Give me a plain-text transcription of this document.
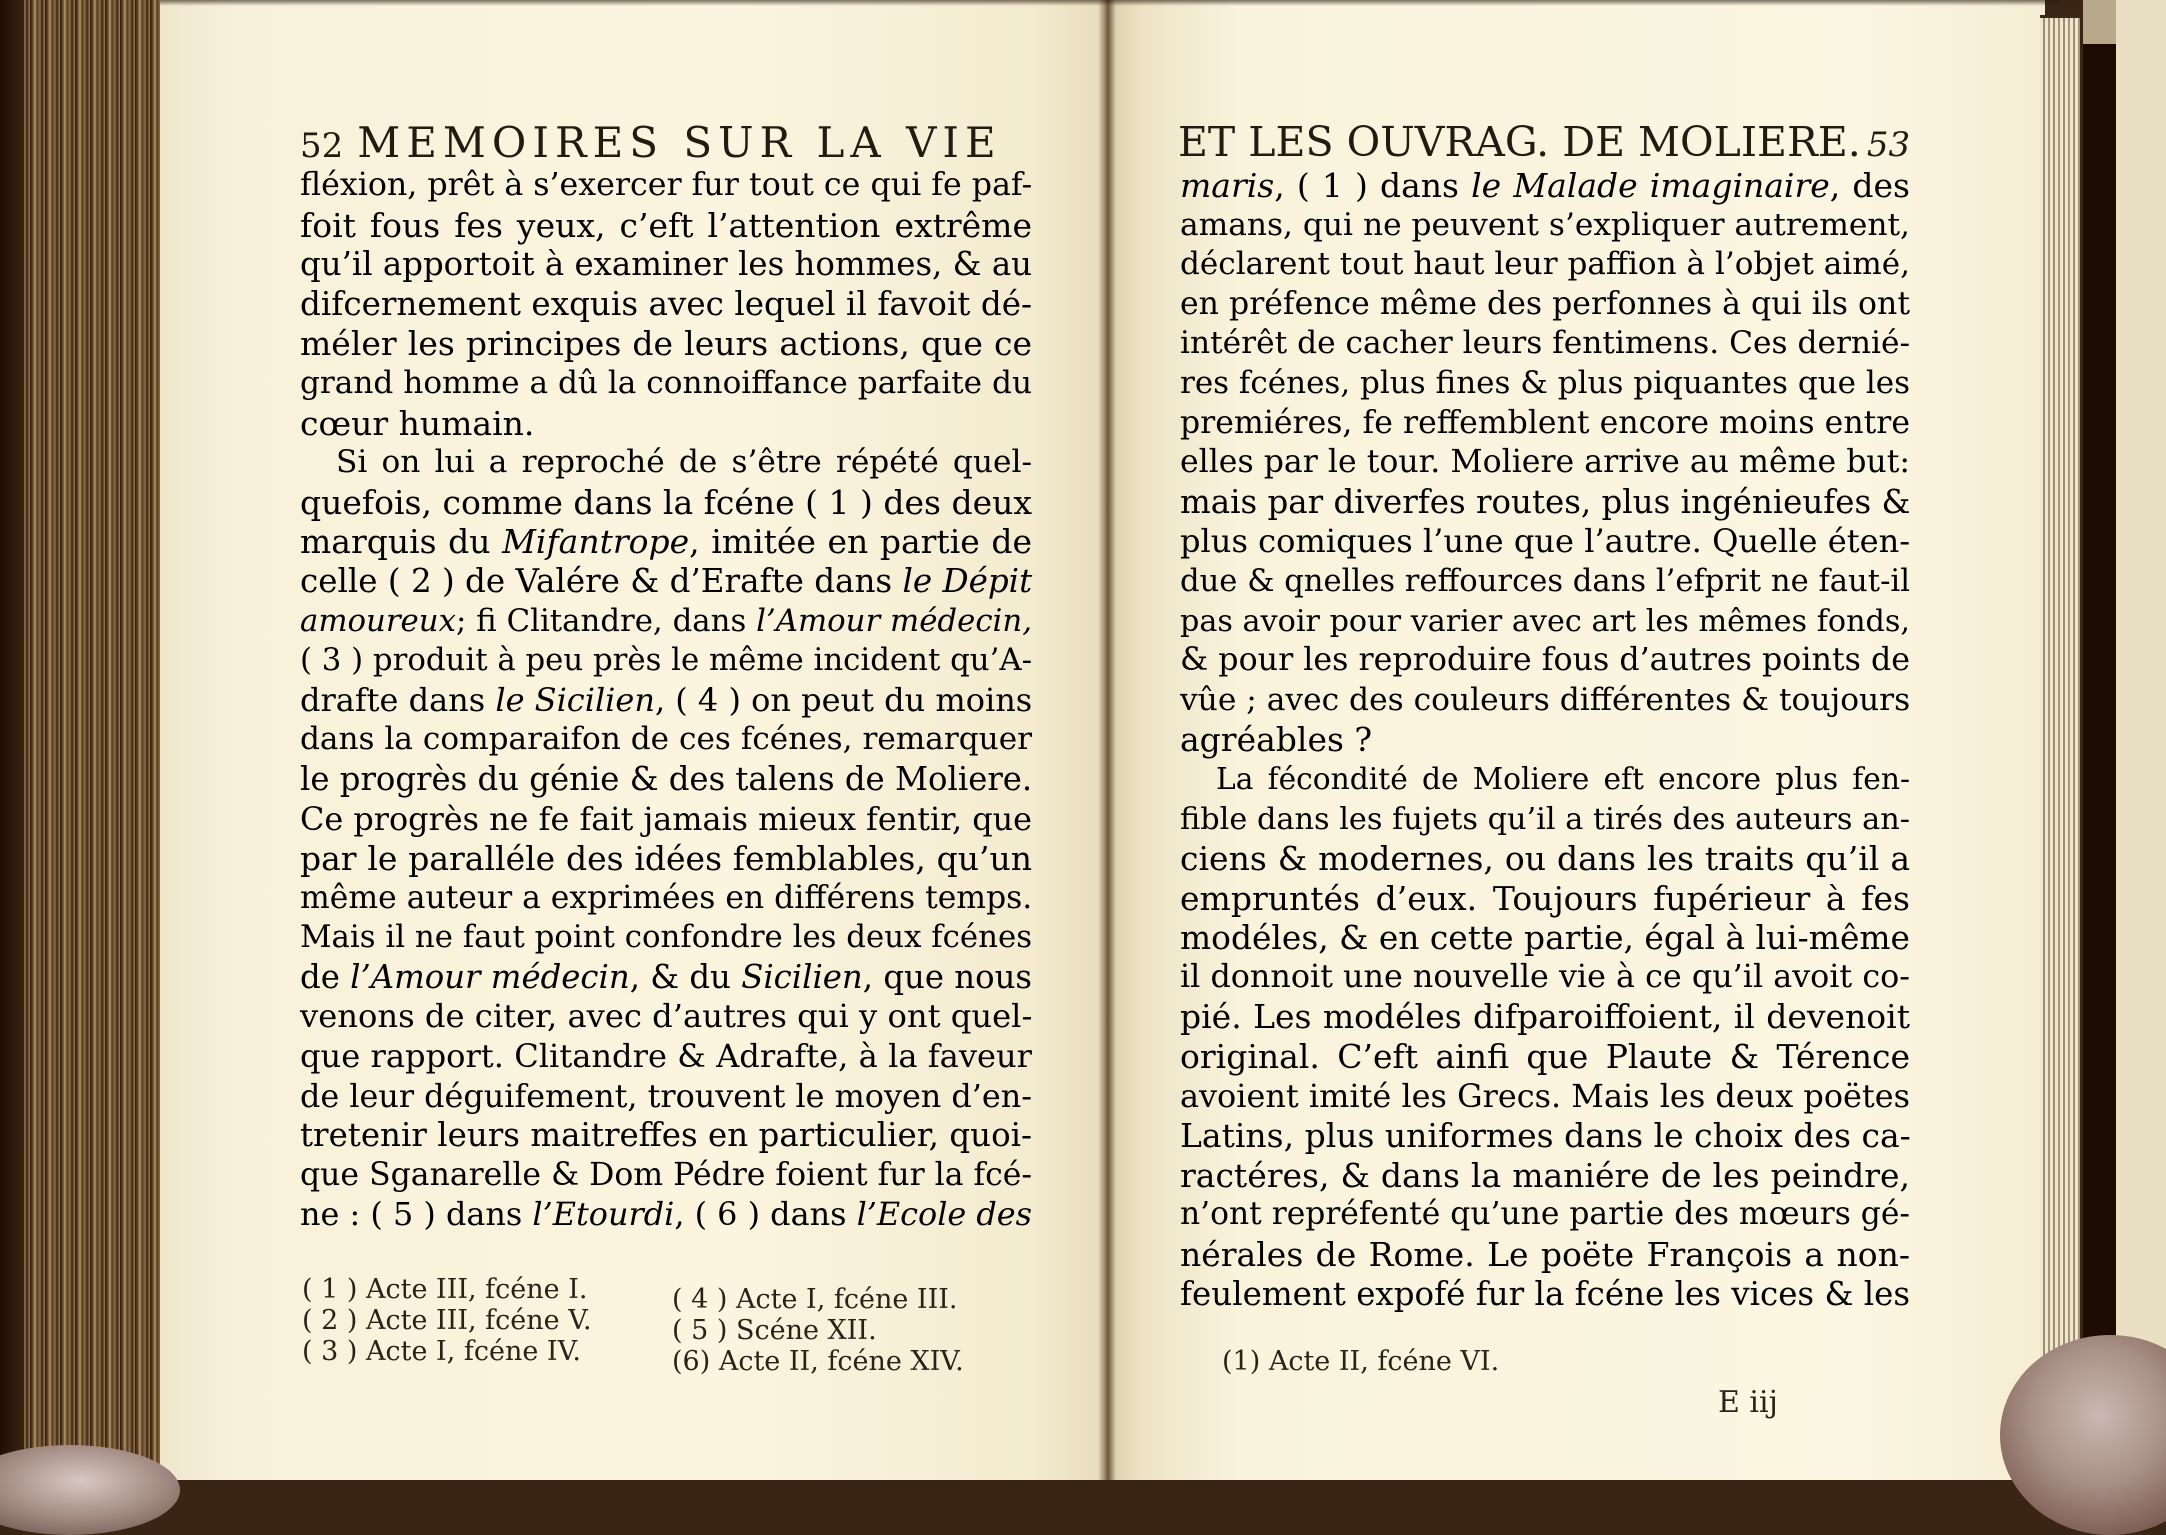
52 MEMOIRES SUR LA VIE	ET LES OUVRAG. DE MOLIERE. 53
fléxion, prêt à s’exercer fur tout ce qui fe paf-
foit fous fes yeux, c’eft l’attention extrême
qu’il apportoit à examiner les hommes, & au
difcernement exquis avec lequel il favoit dé-
méler les principes de leurs actions, que ce
grand homme a dû la connoiffance parfaite du
cœur humain.
Si on lui a reproché de s’être répété quel-
quefois, comme dans la fcéne ( 1 ) des deux
marquis du Mifantrope, imitée en partie de
celle ( 2 ) de Valére & d’Erafte dans le Dépit
amoureux; fi Clitandre, dans l’Amour médecin,
( 3 ) produit à peu près le même incident qu’A-
drafte dans le Sicilien, ( 4 ) on peut du moins
dans la comparaifon de ces fcénes, remarquer
le progrès du génie & des talens de Moliere.
Ce progrès ne fe fait jamais mieux fentir, que
par le paralléle des idées femblables, qu’un
même auteur a exprimées en différens temps.
Mais il ne faut point confondre les deux fcénes
de l’Amour médecin, & du Sicilien, que nous
venons de citer, avec d’autres qui y ont quel-
que rapport. Clitandre & Adrafte, à la faveur
de leur déguifement, trouvent le moyen d’en-
tretenir leurs maitreffes en particulier, quoi-
que Sganarelle & Dom Pédre foient fur la fcé-
ne : ( 5 ) dans l’Etourdi, ( 6 ) dans l’Ecole des
maris, ( 1 ) dans le Malade imaginaire, des
amans, qui ne peuvent s’expliquer autrement,
déclarent tout haut leur paffion à l’objet aimé,
en préfence même des perfonnes à qui ils ont
intérêt de cacher leurs fentimens. Ces dernié-
res fcénes, plus fines & plus piquantes que les
premiéres, fe reffemblent encore moins entre
elles par le tour. Moliere arrive au même but:
mais par diverfes routes, plus ingénieufes &
plus comiques l’une que l’autre. Quelle éten-
due & qnelles reffources dans l’efprit ne faut-il
pas avoir pour varier avec art les mêmes fonds,
& pour les reproduire fous d’autres points de
vûe ; avec des couleurs différentes & toujours
agréables ?
La fécondité de Moliere eft encore plus fen-
fible dans les fujets qu’il a tirés des auteurs an-
ciens & modernes, ou dans les traits qu’il a
empruntés d’eux. Toujours fupérieur à fes
modéles, & en cette partie, égal à lui-même
il donnoit une nouvelle vie à ce qu’il avoit co-
pié. Les modéles difparoiffoient, il devenoit
original. C’eft ainfi que Plaute & Térence
avoient imité les Grecs. Mais les deux poëtes
Latins, plus uniformes dans le choix des ca-
ractéres, & dans la maniére de les peindre,
n’ont repréfenté qu’une partie des mœurs gé-
nérales de Rome. Le poëte François a non-
feulement expofé fur la fcéne les vices & les
( 1 ) Acte III, fcéne I.
( 2 ) Acte III, fcéne V.
( 3 ) Acte I, fcéne IV.
( 4 ) Acte I, fcéne III.
( 5 ) Scéne XII.
(6) Acte II, fcéne XIV.	(1) Acte II, fcéne VI.
E iij
